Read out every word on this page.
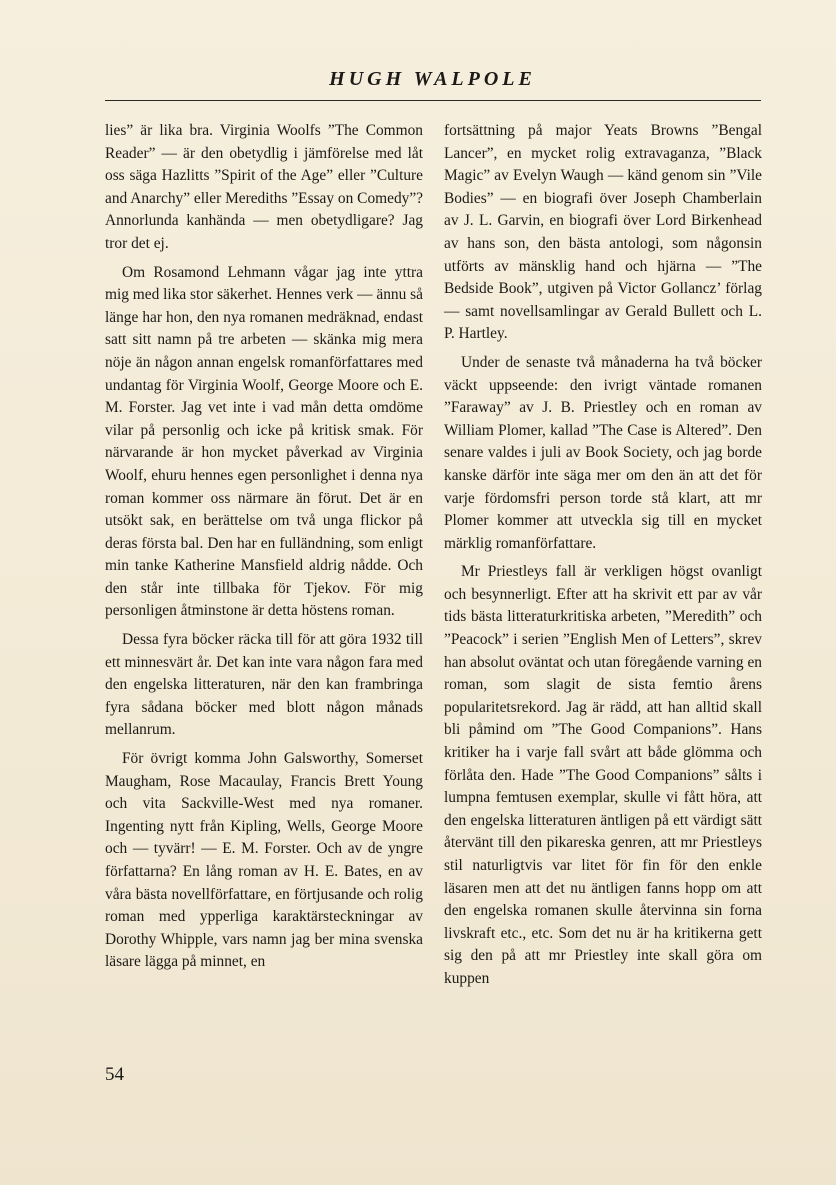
HUGH WALPOLE

lies” är lika bra. Virginia Woolfs ”The Common Reader” — är den obetydlig i jämförelse med låt oss säga Hazlitts ”Spirit of the Age” eller ”Culture and Anarchy” eller Merediths ”Essay on Comedy”? Annorlunda kanhända — men obetydligare? Jag tror det ej.

Om Rosamond Lehmann vågar jag inte yttra mig med lika stor säkerhet. Hennes verk — ännu så länge har hon, den nya romanen medräknad, endast satt sitt namn på tre arbeten — skänka mig mera nöje än någon annan engelsk romanförfattares med undantag för Virginia Woolf, George Moore och E. M. Forster. Jag vet inte i vad mån detta omdöme vilar på personlig och icke på kritisk smak. För närvarande är hon mycket påverkad av Virginia Woolf, ehuru hennes egen personlighet i denna nya roman kommer oss närmare än förut. Det är en utsökt sak, en berättelse om två unga flickor på deras första bal. Den har en fulländning, som enligt min tanke Katherine Mansfield aldrig nådde. Och den står inte tillbaka för Tjekov. För mig personligen åtminstone är detta höstens roman.

Dessa fyra böcker räcka till för att göra 1932 till ett minnesvärt år. Det kan inte vara någon fara med den engelska litteraturen, när den kan frambringa fyra sådana böcker med blott någon månads mellanrum.

För övrigt komma John Galsworthy, Somerset Maugham, Rose Macaulay, Francis Brett Young och vita Sackville-West med nya romaner. Ingenting nytt från Kipling, Wells, George Moore och — tyvärr! — E. M. Forster. Och av de yngre författarna? En lång roman av H. E. Bates, en av våra bästa novellförfattare, en förtjusande och rolig roman med ypperliga karaktärsteckningar av Dorothy Whipple, vars namn jag ber mina svenska läsare lägga på minnet, en

fortsättning på major Yeats Browns ”Bengal Lancer”, en mycket rolig extravaganza, ”Black Magic” av Evelyn Waugh — känd genom sin ”Vile Bodies” — en biografi över Joseph Chamberlain av J. L. Garvin, en biografi över Lord Birkenhead av hans son, den bästa antologi, som någonsin utförts av mänsklig hand och hjärna — ”The Bedside Book”, utgiven på Victor Gollancz’ förlag — samt novellsamlingar av Gerald Bullett och L. P. Hartley.

Under de senaste två månaderna ha två böcker väckt uppseende: den ivrigt väntade romanen ”Faraway” av J. B. Priestley och en roman av William Plomer, kallad ”The Case is Altered”. Den senare valdes i juli av Book Society, och jag borde kanske därför inte säga mer om den än att det för varje fördomsfri person torde stå klart, att mr Plomer kommer att utveckla sig till en mycket märklig romanförfattare.

Mr Priestleys fall är verkligen högst ovanligt och besynnerligt. Efter att ha skrivit ett par av vår tids bästa litteraturkritiska arbeten, ”Meredith” och ”Peacock” i serien ”English Men of Letters”, skrev han absolut oväntat och utan föregående varning en roman, som slagit de sista femtio årens popularitetsrekord. Jag är rädd, att han alltid skall bli påmind om ”The Good Companions”. Hans kritiker ha i varje fall svårt att både glömma och förlåta den. Hade ”The Good Companions” sålts i lumpna femtusen exemplar, skulle vi fått höra, att den engelska litteraturen äntligen på ett värdigt sätt återvänt till den pikareska genren, att mr Priestleys stil naturligtvis var litet för fin för den enkle läsaren men att det nu äntligen fanns hopp om att den engelska romanen skulle återvinna sin forna livskraft etc., etc. Som det nu är ha kritikerna gett sig den på att mr Priestley inte skall göra om kuppen

54
